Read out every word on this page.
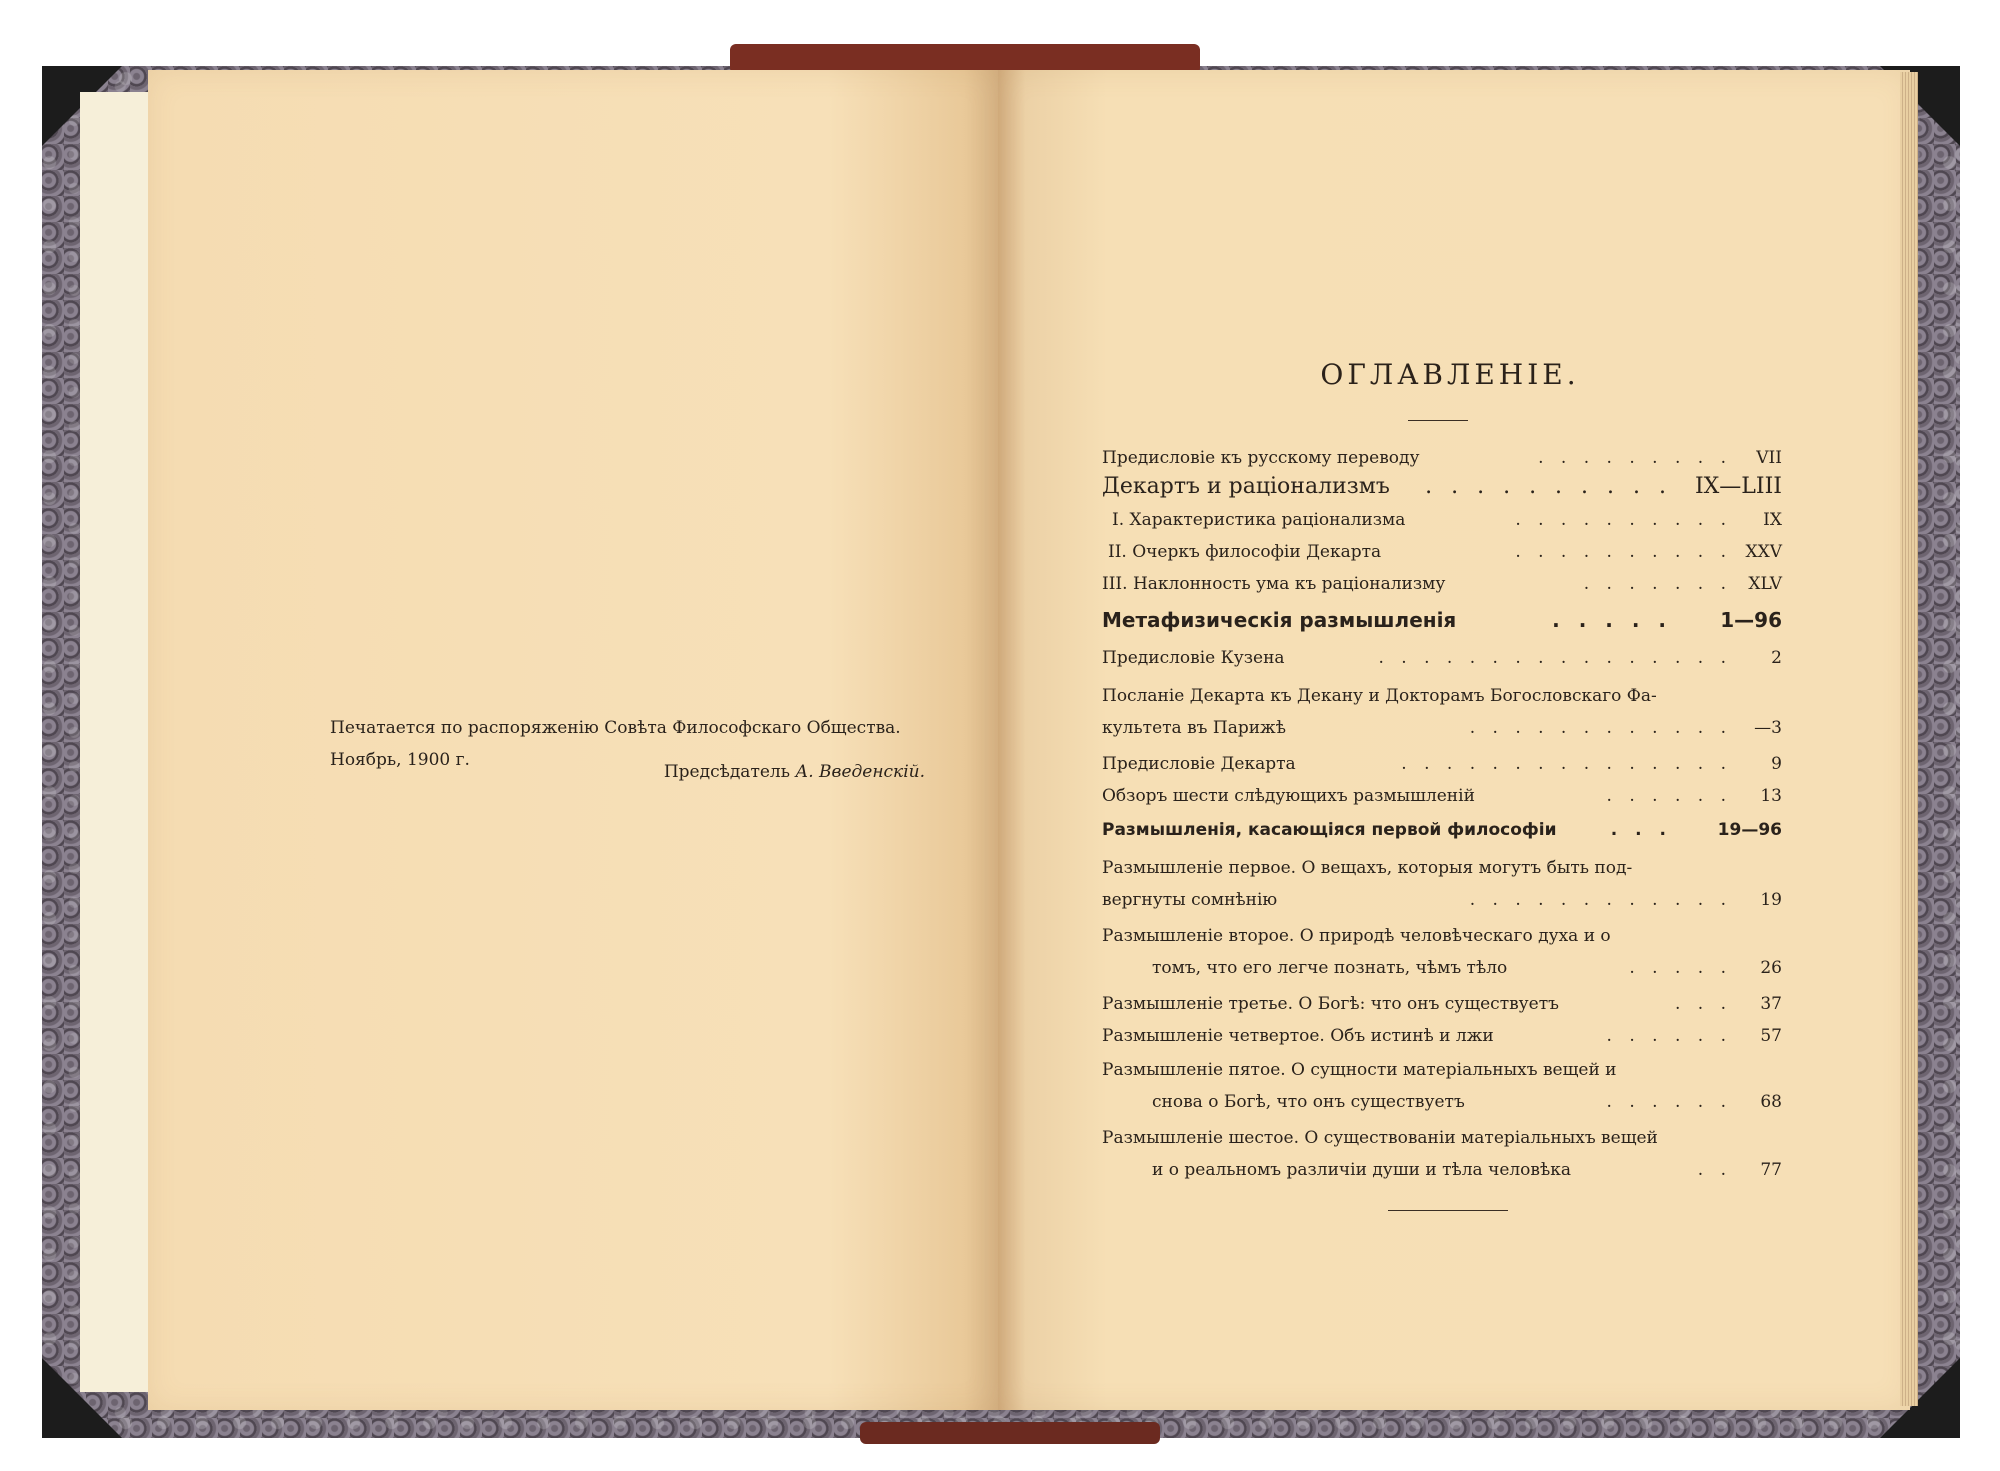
Печатается по распоряженію Совѣта Философскаго Общества.
Ноябрь, 1900 г.
Предсѣдатель А. Введенскій.
ОГЛАВЛЕНІЕ.
Предисловіе къ русскому переводу	. . . . . . . . . VII
Декартъ и раціонализмъ . . . . . . . . . . IX—LIII
I. Характеристика раціонализма	. . . . . . . . . . IX
II. Очеркъ философіи Декарта	. . . . . . . . . . XXV
III. Наклонность ума къ раціонализму	. . . . . . . XLV
Метафизическія размышленія	. . . . . 1—96
Предисловіе Кузена	. . . . . . . . . . . . . . . . 2
Посланіе Декарта къ Декану и Докторамъ Богословскаго Фа-
культета въ Парижѣ	. . . . . . . . . . . . —3
Предисловіе Декарта	. . . . . . . . . . . . . . . 9
Обзоръ шести слѣдующихъ размышленій	. . . . . . 13
Размышленія, касающіяся первой философіи	. . .	19—96
Размышленіе первое. О вещахъ, которыя могутъ быть под-
вергнуты сомнѣнію	. . . . . . . . . . . . 19
Размышленіе второе. О природѣ человѣческаго духа и о
томъ, что его легче познать, чѣмъ тѣло	. . . . . 26
Размышленіе третье. О Богѣ: что онъ существуетъ	. . . 37
Размышленіе четвертое. Объ истинѣ и лжи	. . . . . . 57
Размышленіе пятое. О сущности матеріальныхъ вещей и
снова о Богѣ, что онъ существуетъ	. . . . . . 68
Размышленіе шестое. О существованіи матеріальныхъ вещей
и о реальномъ различіи души и тѣла человѣка	. . 77
